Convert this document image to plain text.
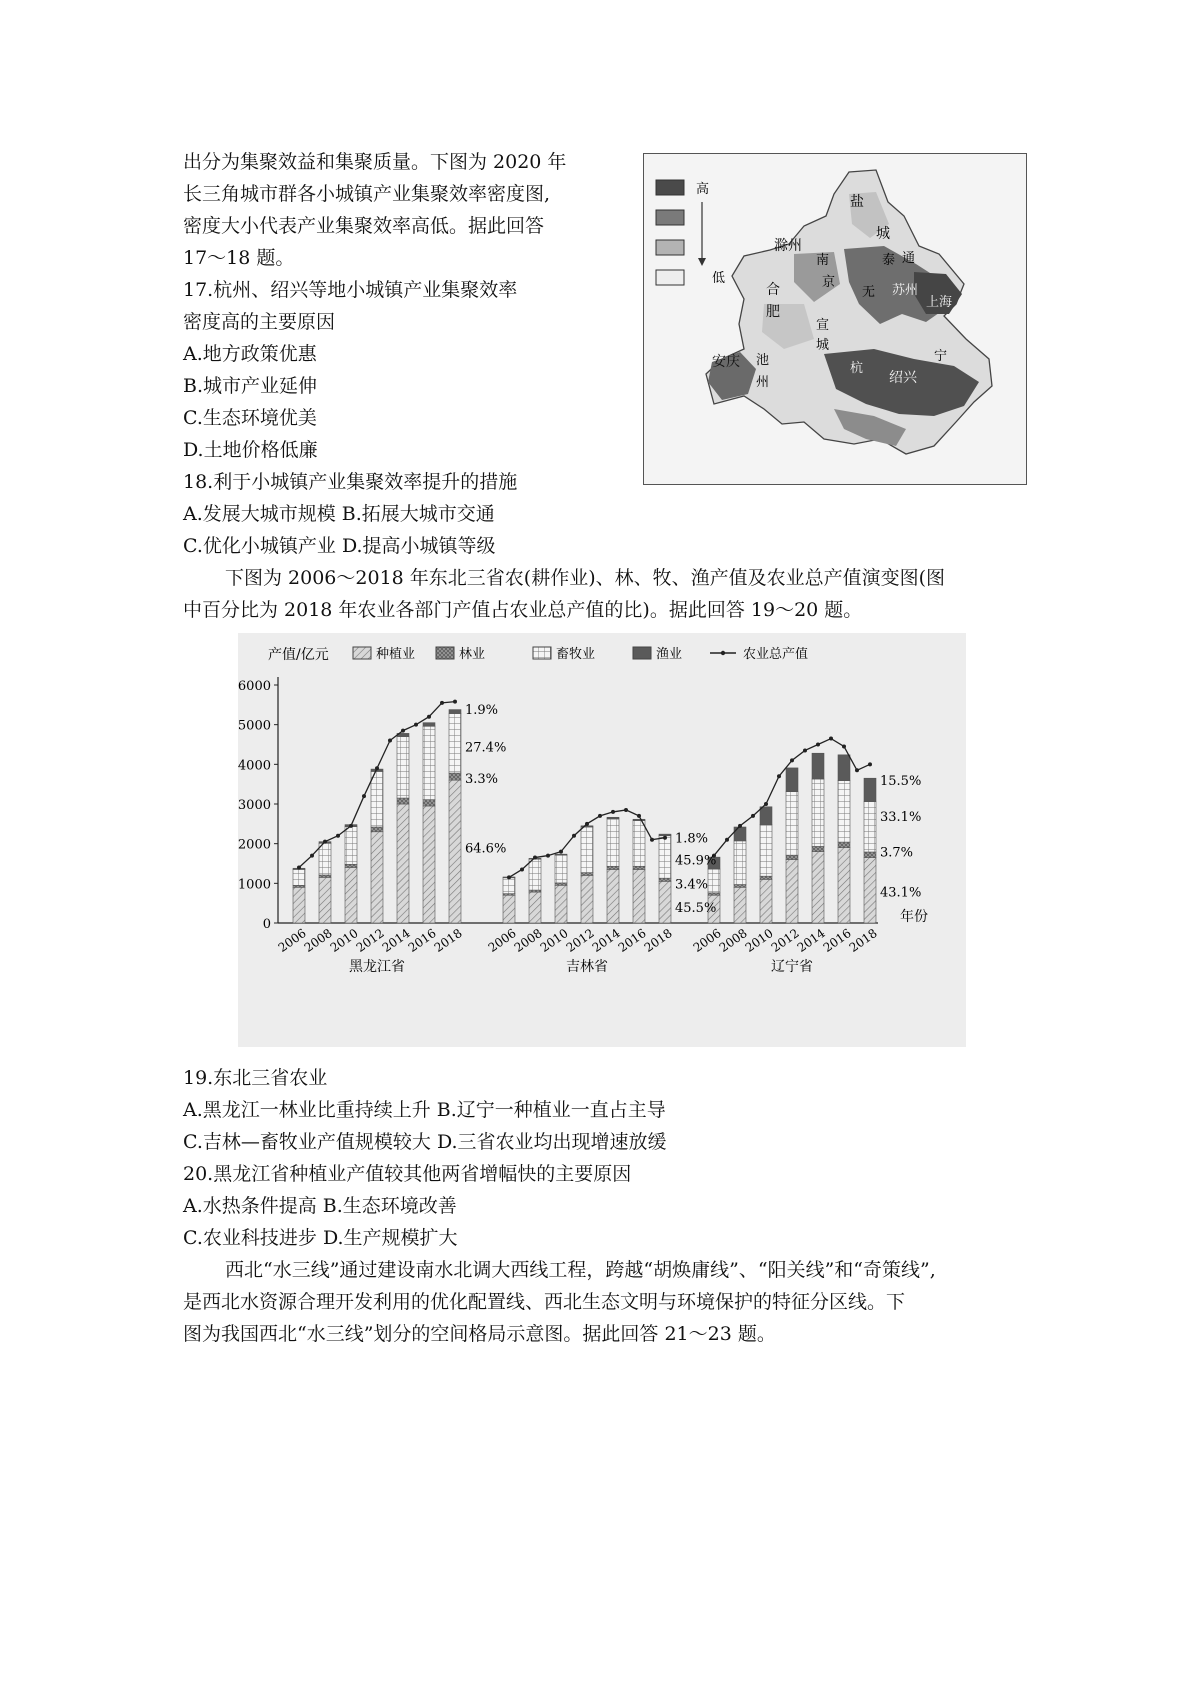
出分为集聚效益和集聚质量。下图为 2020 年
长三角城市群各小城镇产业集聚效率密度图,
密度大小代表产业集聚效率高低。据此回答
17～18 题。
17.杭州、绍兴等地小城镇产业集聚效率
密度高的主要原因
A.地方政策优惠
B.城市产业延伸
C.生态环境优美
D.土地价格低廉
18.利于小城镇产业集聚效率提升的措施
A.发展大城市规模 B.拓展大城市交通
C.优化小城镇产业 D.提高小城镇等级
高
低
盐
城
滁州
南
京
合
肥
泰 通
苏州
无
上海
宣
城
安庆 池
州
宁
绍兴
杭
下图为 2006～2018 年东北三省农(耕作业)、林、牧、渔产值及农业总产值演变图(图
中百分比为 2018 年农业各部门产值占农业总产值的比)。据此回答 19～20 题。
产值/亿元
年份
种植业	林业	畜牧业	渔业	农业总产值
0
1000
2000
3000
4000
5000
6000
2006
2008
2010
2012
2014
2016
2018
黑龙江省
1.9%
27.4%
3.3%
64.6%
2006
2008
2010
2012
2014
2016
2018
吉林省
1.8%
45.9%
3.4%
45.5%
2006
2008
2010
2012
2014
2016
2018
辽宁省
15.5%
33.1%
3.7%
43.1%
19.东北三省农业
A.黑龙江一林业比重持续上升 B.辽宁一种植业一直占主导
C.吉林—畜牧业产值规模较大 D.三省农业均出现增速放缓
20.黑龙江省种植业产值较其他两省增幅快的主要原因
A.水热条件提高 B.生态环境改善
C.农业科技进步 D.生产规模扩大
西北“水三线”通过建设南水北调大西线工程，跨越“胡焕庸线”、“阳关线”和“奇策线”,
是西北水资源合理开发利用的优化配置线、西北生态文明与环境保护的特征分区线。下
图为我国西北“水三线”划分的空间格局示意图。据此回答 21～23 题。
